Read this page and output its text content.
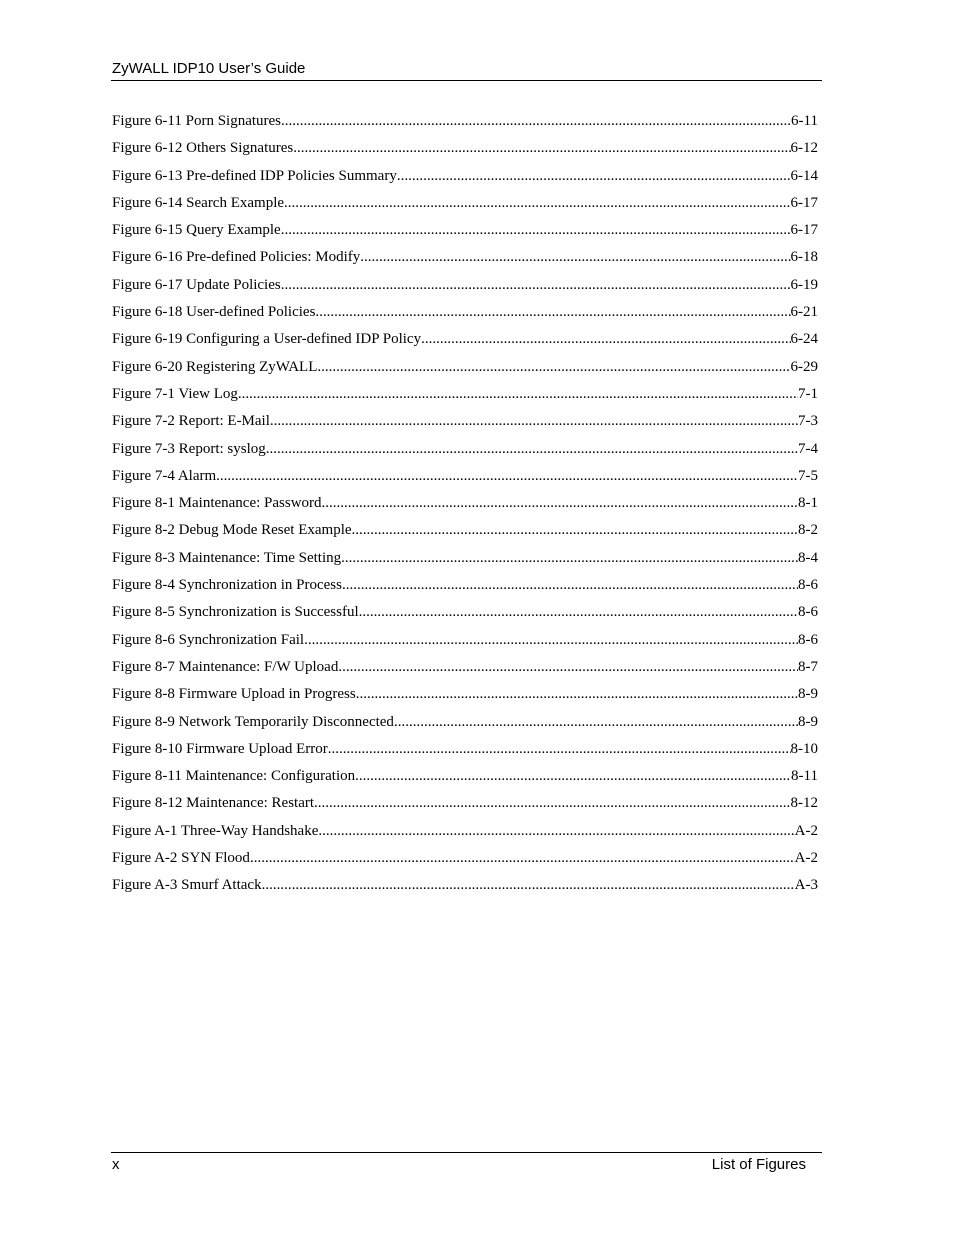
ZyWALL IDP10 User’s Guide
Figure 6-11 Porn Signatures .....	6-11
Figure 6-12 Others Signatures .....	6-12
Figure 6-13 Pre-defined IDP Policies Summary .....	6-14
Figure 6-14 Search Example .....	6-17
Figure 6-15 Query Example .....	6-17
Figure 6-16 Pre-defined Policies: Modify .....	6-18
Figure 6-17 Update Policies .....	6-19
Figure 6-18 User-defined Policies .....	6-21
Figure 6-19 Configuring a User-defined IDP Policy .....	6-24
Figure 6-20 Registering ZyWALL .....	6-29
Figure 7-1 View Log .....	7-1
Figure 7-2 Report: E-Mail .....	7-3
Figure 7-3 Report: syslog .....	7-4
Figure 7-4 Alarm .....	7-5
Figure 8-1 Maintenance: Password .....	8-1
Figure 8-2 Debug Mode Reset Example .....	8-2
Figure 8-3 Maintenance: Time Setting .....	8-4
Figure 8-4 Synchronization in Process .....	8-6
Figure 8-5 Synchronization is Successful .....	8-6
Figure 8-6 Synchronization Fail .....	8-6
Figure 8-7 Maintenance: F/W Upload .....	8-7
Figure 8-8 Firmware Upload in Progress .....	8-9
Figure 8-9 Network Temporarily Disconnected .....	8-9
Figure 8-10 Firmware Upload Error .....	8-10
Figure 8-11 Maintenance: Configuration .....	8-11
Figure 8-12 Maintenance: Restart .....	8-12
Figure A-1 Three-Way Handshake .....	A-2
Figure A-2 SYN Flood .....	A-2
Figure A-3 Smurf Attack .....	A-3
x	List of Figures
